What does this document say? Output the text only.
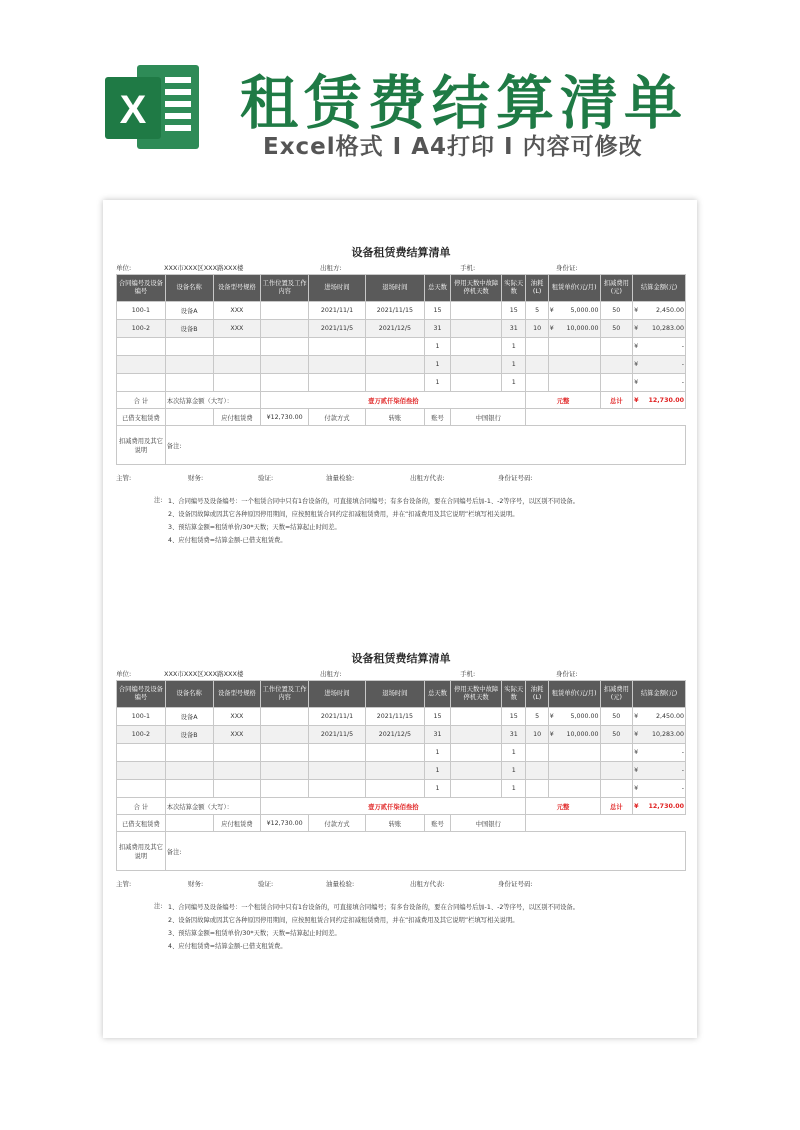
X 租赁费结算清单
Excel格式 I A4打印 I 内容可修改
设备租赁费结算清单
单位:	XXX市XXX区XXX路XXX楼	出租方:	手机:	身份证:
合同编号及设备编号	设备名称	设备型号规格	工作位置及工作内容	进场时间	退场时间	总天数	停用天数中故障停机天数	实际天数	油耗(L)	租赁单价(元/月)	扣减费用(元)	结算金额(元)
100-1	设备A	XXX		2021/11/1	2021/11/15	15		15	5	¥ 5,000.00	50	¥ 2,450.00
100-2	设备B	XXX		2021/11/5	2021/12/5	31		31	10	¥ 10,000.00	50	¥ 10,283.00
						1		1				¥ -
						1		1				¥ -
						1		1				¥ -
合 计	本次结算金额（大写）：		壹万贰仟柒佰叁拾						元整		总计	¥ 12,730.00
已借支租赁费		应付租赁费	¥12,730.00	付款方式	转账	账号	中国银行					
扣减费用及其它说明	备注:											
主管:	财务:	验证:	油量检验:	出租方代表:	身份证号码:
注: 1、合同编号及设备编号：一个租赁合同中只有1台设备的，可直接填合同编号；有多台设备的，要在合同编号后加-1、-2等序号，以区别不同设备。
2、设备因故障或因其它各种原因停用期间，应按照租赁合同约定扣减租赁费用，并在“扣减费用及其它说明”栏填写相关说明。
3、预结算金额=租赁单价/30*天数；天数=结算起止时间差。
4、应付租赁费=结算金额-已借支租赁费。
设备租赁费结算清单
单位:	XXX市XXX区XXX路XXX楼	出租方:	手机:	身份证:
合同编号及设备编号	设备名称	设备型号规格	工作位置及工作内容	进场时间	退场时间	总天数	停用天数中故障停机天数	实际天数	油耗(L)	租赁单价(元/月)	扣减费用(元)	结算金额(元)
100-1	设备A	XXX		2021/11/1	2021/11/15	15		15	5	¥ 5,000.00	50	¥ 2,450.00
100-2	设备B	XXX		2021/11/5	2021/12/5	31		31	10	¥ 10,000.00	50	¥ 10,283.00
						1		1				¥ -
						1		1				¥ -
						1		1				¥ -
合 计	本次结算金额（大写）：		壹万贰仟柒佰叁拾						元整		总计	¥ 12,730.00
已借支租赁费		应付租赁费	¥12,730.00	付款方式	转账	账号	中国银行					
扣减费用及其它说明	备注:											
主管:	财务:	验证:	油量检验:	出租方代表:	身份证号码:
注: 1、合同编号及设备编号：一个租赁合同中只有1台设备的，可直接填合同编号；有多台设备的，要在合同编号后加-1、-2等序号，以区别不同设备。
2、设备因故障或因其它各种原因停用期间，应按照租赁合同约定扣减租赁费用，并在“扣减费用及其它说明”栏填写相关说明。
3、预结算金额=租赁单价/30*天数；天数=结算起止时间差。
4、应付租赁费=结算金额-已借支租赁费。
